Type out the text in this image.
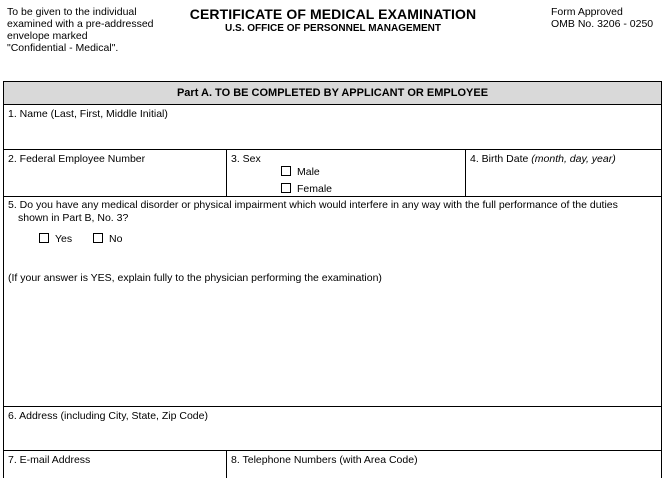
To be given to the individual
examined with a pre-addressed
envelope marked
"Confidential - Medical".
CERTIFICATE OF MEDICAL EXAMINATION
U.S. OFFICE OF PERSONNEL MANAGEMENT
Form Approved
OMB No. 3206 - 0250
Part A. TO BE COMPLETED BY APPLICANT OR EMPLOYEE
1. Name (Last, First, Middle Initial)
2. Federal Employee Number	3. Sex
Male
Female
4. Birth Date (month, day, year)
5. Do you have any medical disorder or physical impairment which would interfere in any way with the full performance of the duties
shown in Part B, No. 3?
Yes	No
(If your answer is YES, explain fully to the physician performing the examination)
6. Address (including City, State, Zip Code)
7. E-mail Address	8. Telephone Numbers (with Area Code)
